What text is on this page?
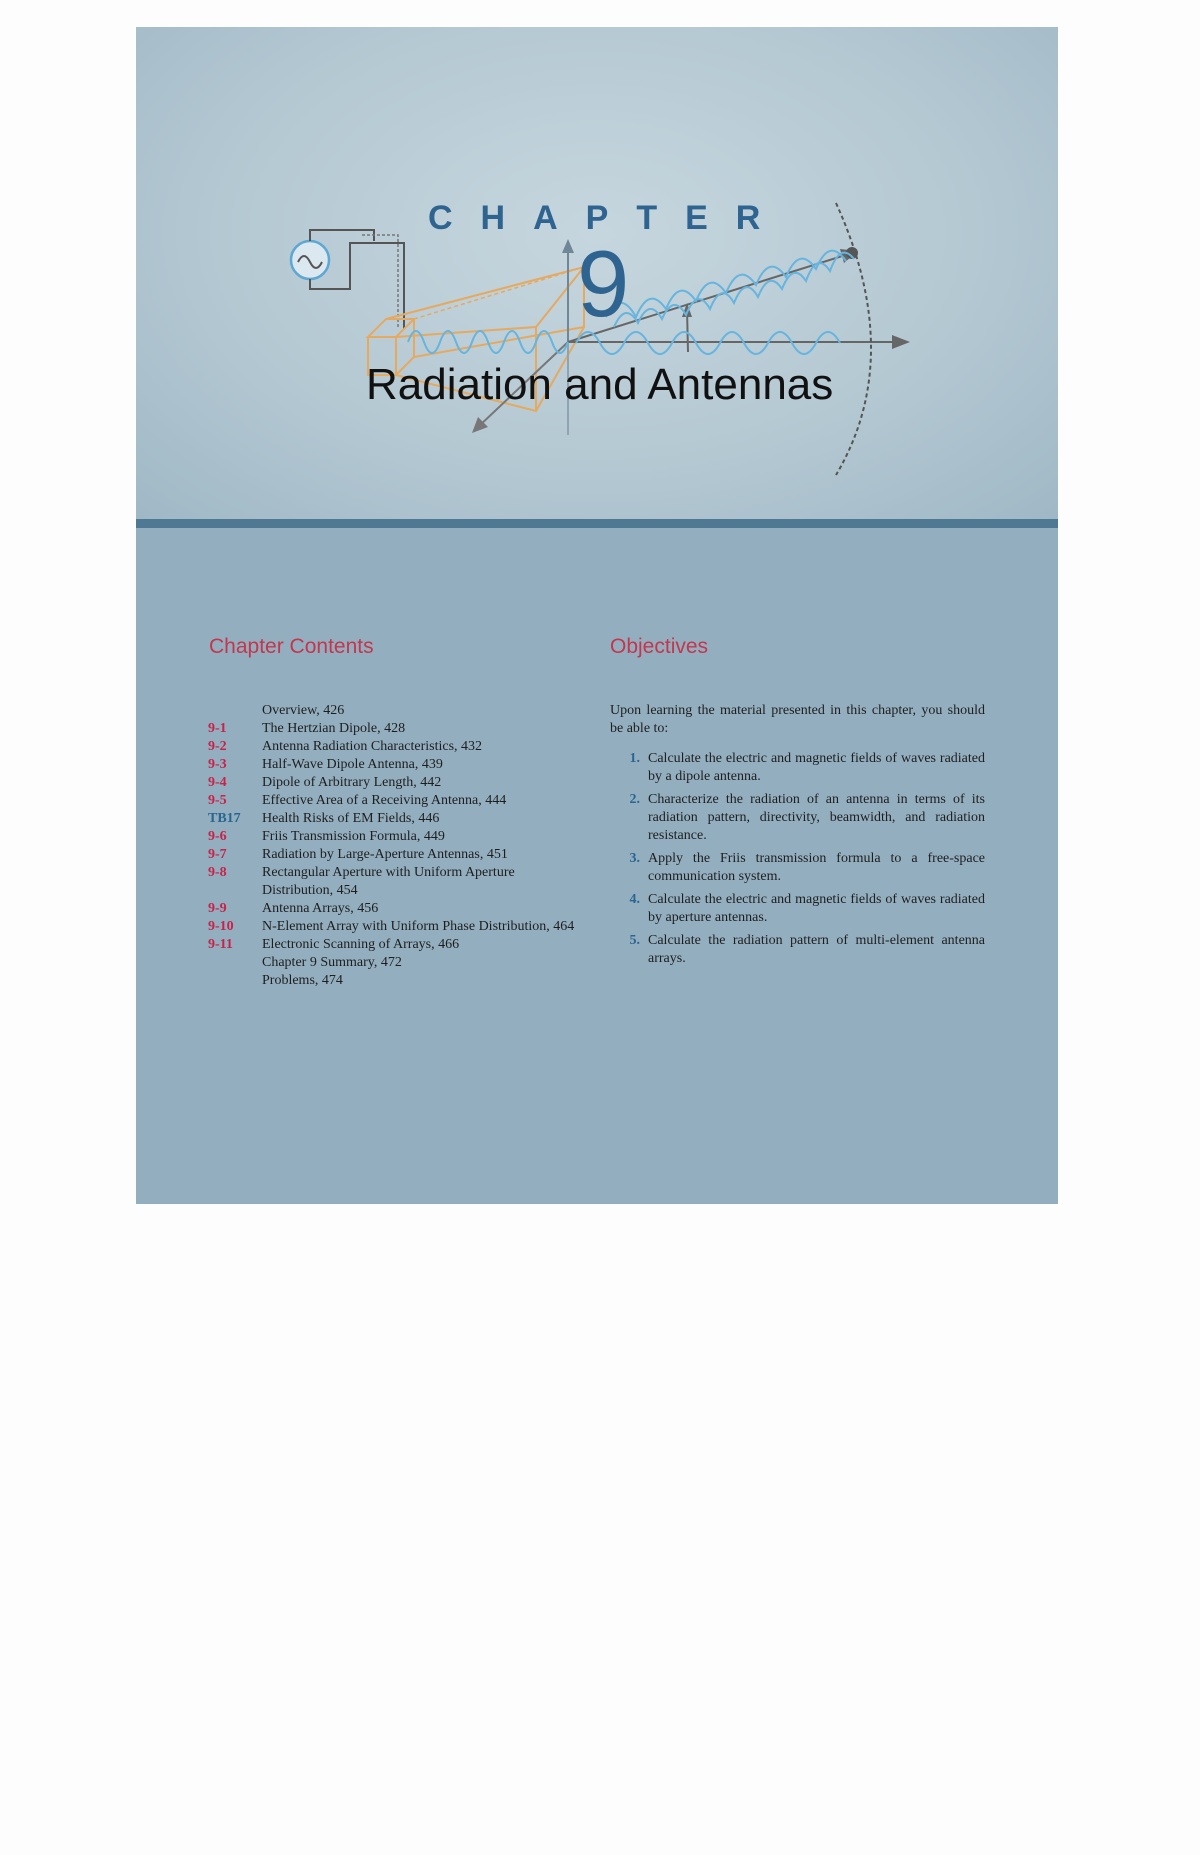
CHAPTER
9
Radiation and Antennas
Chapter Contents
Overview, 426
9-1	The Hertzian Dipole, 428
9-2	Antenna Radiation Characteristics, 432
9-3	Half-Wave Dipole Antenna, 439
9-4	Dipole of Arbitrary Length, 442
9-5	Effective Area of a Receiving Antenna, 444
TB17	Health Risks of EM Fields, 446
9-6	Friis Transmission Formula, 449
9-7	Radiation by Large-Aperture Antennas, 451
9-8	Rectangular Aperture with Uniform Aperture Distribution, 454
9-9	Antenna Arrays, 456
9-10	N-Element Array with Uniform Phase Distribution, 464
9-11	Electronic Scanning of Arrays, 466
Chapter 9 Summary, 472
Problems, 474
Objectives

Upon learning the material presented in this chapter, you should be able to:

1. Calculate the electric and magnetic fields of waves radiated by a dipole antenna.
2. Characterize the radiation of an antenna in terms of its radiation pattern, directivity, beamwidth, and radiation resistance.
3. Apply the Friis transmission formula to a free-space communication system.
4. Calculate the electric and magnetic fields of waves radiated by aperture antennas.
5. Calculate the radiation pattern of multi-element antenna arrays.
